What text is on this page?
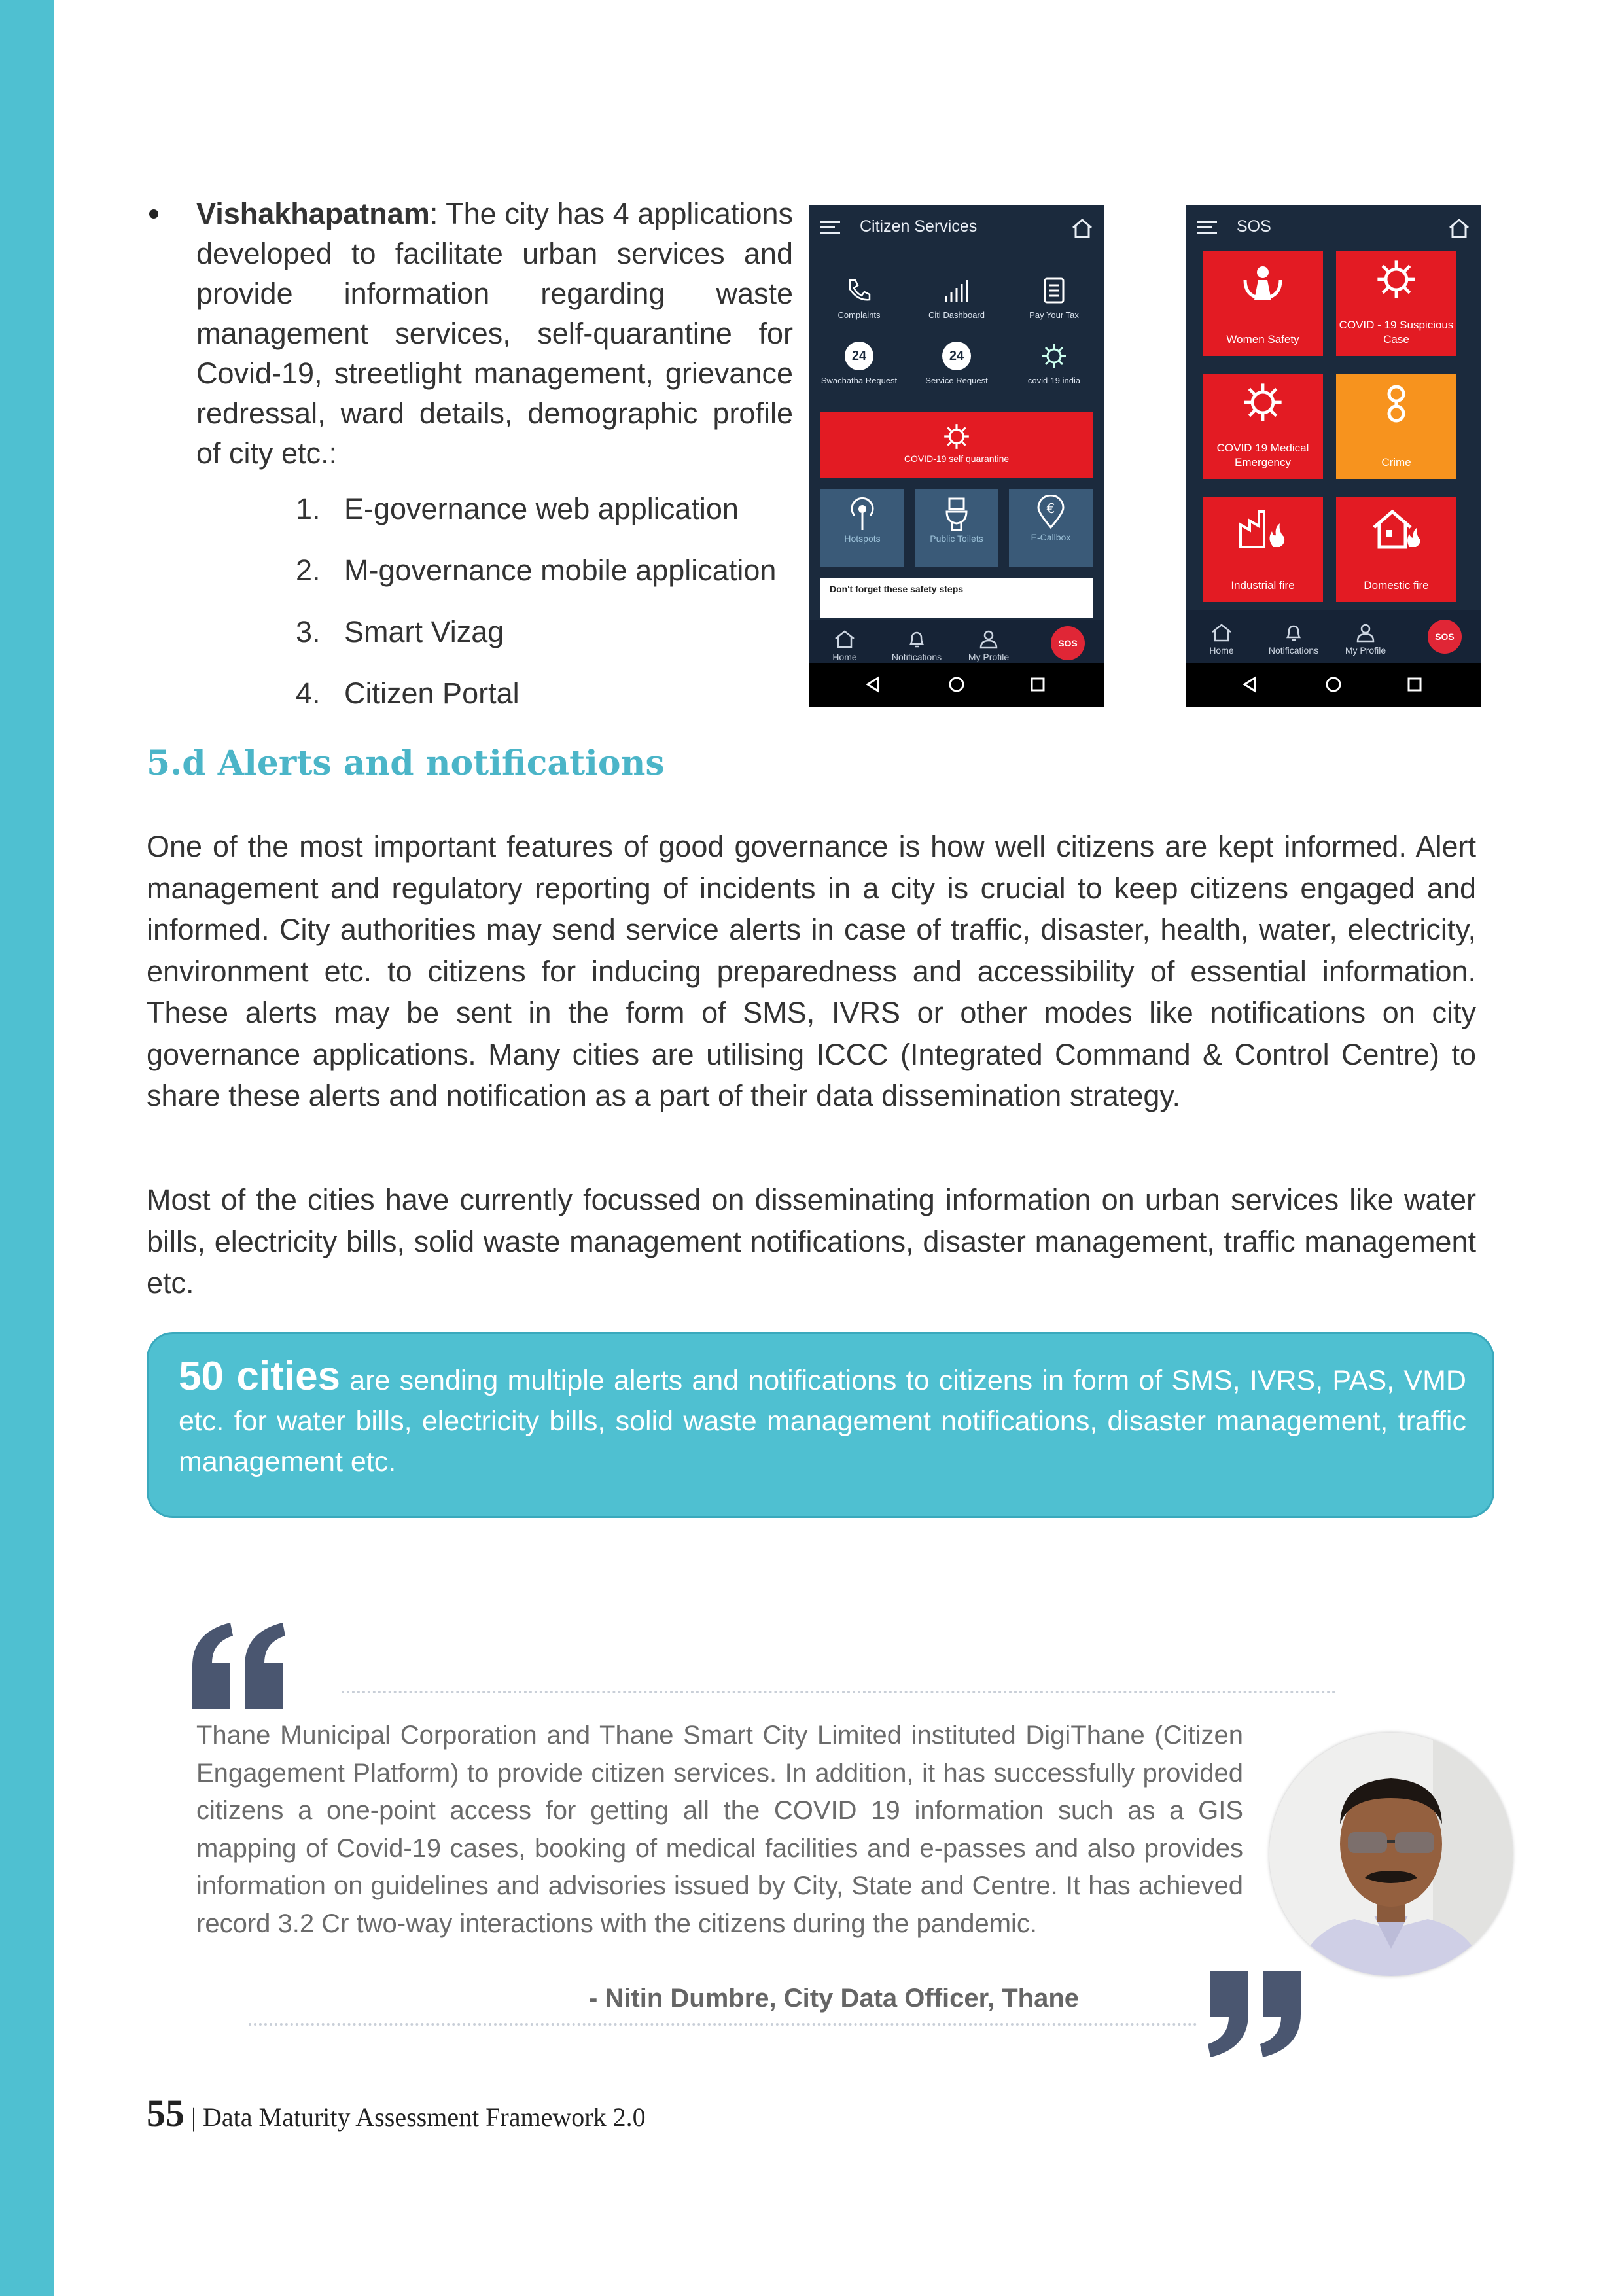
Vishakhapatnam: The city has 4 applications developed to facilitate urban services and provide information regarding waste management services, self-quarantine for Covid-19, streetlight management, grievance redressal, ward details, demographic profile of city etc.:

1. E-governance web application
2. M-governance mobile application
3. Smart Vizag
4. Citizen Portal
Citizen Services
Complaints	Citi Dashboard	Pay Your Tax
24
Swachatha Request
24
Service Request	covid-19 india
COVID-19 self quarantine
Hotspots	Public Toilets
€
E-Callbox
Don't forget these safety steps
Home	Notifications	My Profile
SOS
SOS
Women Safety
COVID - 19 Suspicious Case
COVID 19 Medical Emergency	Crime
Industrial fire	Domestic fire
Home	Notifications	My Profile
SOS
5.d Alerts and notifications

One of the most important features of good governance is how well citizens are kept informed. Alert management and regulatory reporting of incidents in a city is crucial to keep citizens engaged and informed. City authorities may send service alerts in case of traffic, disaster, health, water, electricity, environment etc. to citizens for inducing preparedness and accessibility of essential information. These alerts may be sent in the form of SMS, IVRS or other modes like notifications on city governance applications. Many cities are utilising ICCC (Integrated Command & Control Centre) to share these alerts and notification as a part of their data dissemination strategy.

Most of the cities have currently focussed on disseminating information on urban services like water bills, electricity bills, solid waste management notifications, disaster management, traffic management etc.

50 cities are sending multiple alerts and notifications to citizens in form of SMS, IVRS, PAS, VMD etc. for water bills, electricity bills, solid waste management notifications, disaster management, traffic management etc.

Thane Municipal Corporation and Thane Smart City Limited instituted DigiThane (Citizen Engagement Platform) to provide citizen services. In addition, it has successfully provided citizens a one-point access for getting all the COVID 19 information such as a GIS mapping of Covid-19 cases, booking of medical facilities and e-passes and also provides information on guidelines and advisories issued by City, State and Centre. It has achieved record 3.2 Cr two-way interactions with the citizens during the pandemic.

- Nitin Dumbre, City Data Officer, Thane

55 | Data Maturity Assessment Framework 2.0
